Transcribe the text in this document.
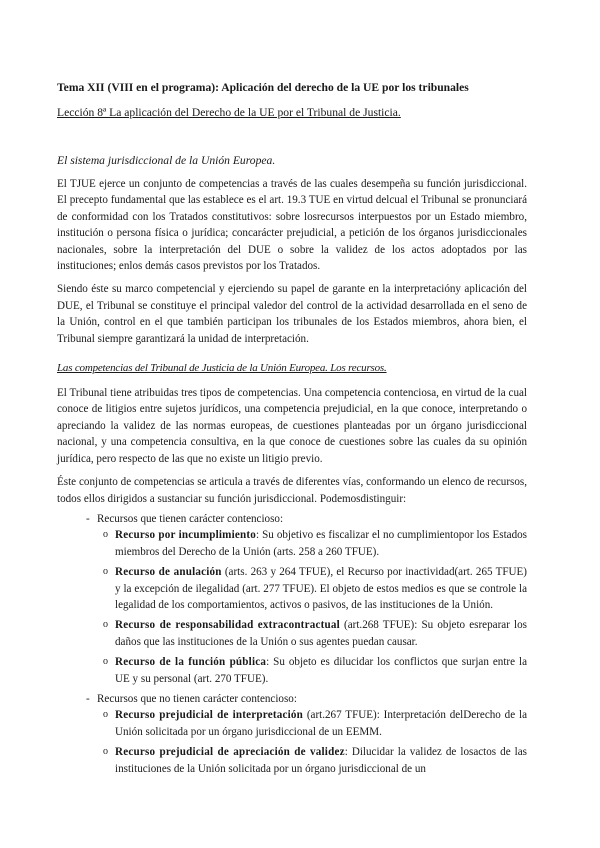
Tema XII (VIII en el programa): Aplicación del derecho de la UE por los tribunales
Lección 8ª La aplicación del Derecho de la UE por el Tribunal de Justicia.
El sistema jurisdiccional de la Unión Europea.

El TJUE ejerce un conjunto de competencias a través de las cuales desempeña su función jurisdiccional. El precepto fundamental que las establece es el art. 19.3 TUE en virtud delcual el Tribunal se pronunciará de conformidad con los Tratados constitutivos: sobre losrecursos interpuestos por un Estado miembro, institución o persona física o jurídica; concarácter prejudicial, a petición de los órganos jurisdiccionales nacionales, sobre la interpretación del DUE o sobre la validez de los actos adoptados por las instituciones; enlos demás casos previstos por los Tratados.

Siendo éste su marco competencial y ejerciendo su papel de garante en la interpretacióny aplicación del DUE, el Tribunal se constituye el principal valedor del control de la actividad desarrollada en el seno de la Unión, control en el que también participan los tribunales de los Estados miembros, ahora bien, el Tribunal siempre garantizará la unidad de interpretación.

Las competencias del Tribunal de Justicia de la Unión Europea. Los recursos.

El Tribunal tiene atribuidas tres tipos de competencias. Una competencia contenciosa, en virtud de la cual conoce de litigios entre sujetos jurídicos, una competencia prejudicial, en la que conoce, interpretando o apreciando la validez de las normas europeas, de cuestiones planteadas por un órgano jurisdiccional nacional, y una competencia consultiva, en la que conoce de cuestiones sobre las cuales da su opinión jurídica, pero respecto de las que no existe un litigio previo.

Éste conjunto de competencias se articula a través de diferentes vías, conformando un elenco de recursos, todos ellos dirigidos a sustanciar su función jurisdiccional. Podemosdistinguir:

- Recursos que tienen carácter contencioso:
o Recurso por incumplimiento: Su objetivo es fiscalizar el no cumplimientopor los Estados miembros del Derecho de la Unión (arts. 258 a 260 TFUE).
o Recurso de anulación (arts. 263 y 264 TFUE), el Recurso por inactividad(art. 265 TFUE) y la excepción de ilegalidad (art. 277 TFUE). El objeto de estos medios es que se controle la legalidad de los comportamientos, activos o pasivos, de las instituciones de la Unión.
o Recurso de responsabilidad extracontractual (art.268 TFUE): Su objeto esreparar los daños que las instituciones de la Unión o sus agentes puedan causar.
o Recurso de la función pública: Su objeto es dilucidar los conflictos que surjan entre la UE y su personal (art. 270 TFUE).
- Recursos que no tienen carácter contencioso:
o Recurso prejudicial de interpretación (art.267 TFUE): Interpretación delDerecho de la Unión solicitada por un órgano jurisdiccional de un EEMM.
o Recurso prejudicial de apreciación de validez: Dilucidar la validez de losactos de las instituciones de la Unión solicitada por un órgano jurisdiccional de un
